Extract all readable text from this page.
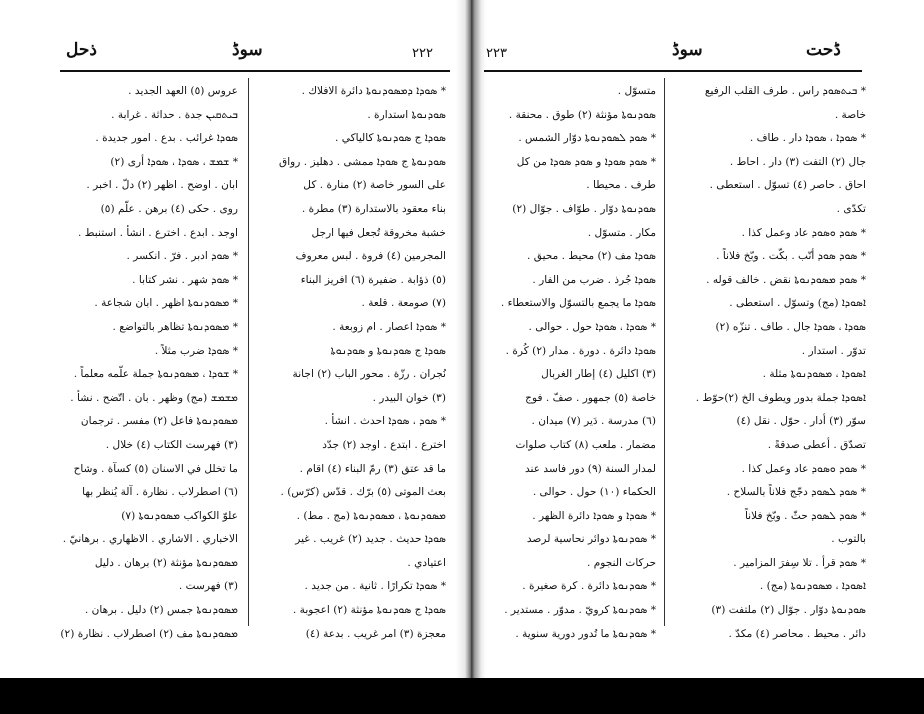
ذحل	سوڈ	٢٢٢
عروس (٥) العهد الجديد .
ܒܝܬܩܝܢ جدة . حداثة . غرابة .
ܣܘܕܐ غرائب . بدع . امور جديدة .
* ܫܡܫ ، ܣܘܕܐ ، ܣܘܕܐ أرى (٢)
ابان . اوضح . اظهر (٢) دلّ . اخبر .
روى . حكى (٤) برهن . علّم (٥)
اوجد . ابدع . اخترع . انشأ . استنبط .
* ܣܘܕ ادبر . فرّ . انكسر .
* ܣܘܕ شهر . نشر كتابا .
* ܡܣܘܕܢܘܬܐ اظهر . ابان شجاعة .
* ܡܣܘܕܢܘܬܐ تظاهر بالتواضع .
* ܣܘܕܐ ضرب مثلاً .
* ܫܘܕܐ ، ܡܣܘܕܢܘܬܐ جملة علّمه معلماً .
ܡܫܡܫ (مج) وظهر . بان . اتّضح . نشأ .
ܡܣܘܕܢܘܬܐ فاعل (٢) مفسر . ترجمان
(٣) فهرست الكتاب (٤) خلال .
ما تخلل في الاسنان (٥) كسآة . وشاح
(٦) اصطرلاب . نظارة . آلة يُنظر بها
علوّ الكواكب ܡܣܘܕܢܘܬܐ (٧)
الاخباري . الاشاري . الاظهاري . برهانيّ .
ܡܣܘܕܢܘܬܐ مؤنثة (٢) برهان . دليل
(٣) فهرست .
ܡܣܘܕܢܘܬܐ جمس (٢) دليل . برهان .
ܡܣܘܕܢܘܬܐ مف (٢) اصطرلاب . نظارة (٢)
* ܣܘܕܐ ܕܡܣܘܕܢܘܬܐ دائرة الافلاك .
ܣܘܕܢܘܬܐ استدارة .
ܣܘܕܐ ج ܣܘܕܢܘܬܐ كالياكي .
ܣܘܕܢܘܬܐ ج ܣܘܕܐ ممشى . دهليز . رواق
على السور خاصة (٢) منارة . كل
بناء معقود بالاستدارة (٣) مطرة .
خشبة مخروقة تُجعل فيها ارجل
المجرمين (٤) فروة . لبس معروف
(٥) ذؤابة . ضفيرة (٦) افريز البناء
(٧) صومعة . قلعة .
* ܣܘܕܐ اعصار . ام زوبعة .
ܣܘܕܐ ج ܣܘܕܢܘܬܐ و ܣܘܕܢܘܬܐ
نُجران . رزّة . محور الباب (٢) اجانة
(٣) خوان البيدر .
* ܣܘܕ ، ܣܘܕܐ احدث . انشأ .
اخترع . ابتدع . اوجد (٢) جدّد
ما قد عتق (٣) رمّ البناء (٤) اقام .
بعث الموتى (٥) برّك . قدّس (كرّس) .
ܡܣܘܕܢܘܬܐ ، ܡܣܘܕܢܘܬܐ (مج . مط) .
ܣܘܕܐ حديث . جديد (٢) غريب . غير
اعتيادي .
* ܣܘܕܐ تكرارًا . ثانية . من جديد .
ܣܘܕܐ ج ܣܘܕܢܘܬܐ مؤنثة (٢) اعجوبة .
معجزة (٣) امر غريب . بدعة (٤)
٢٢٣	سوڈ	ڈحت
متسوّل .
ܣܘܕܢܘܬܐ مؤنثة (٢) طوق . محنقة .
* ܣܘܕ ܠܣܘܕܢܘܬܐ دوّار الشمس .
* ܣܘܕ ܣܘܕܐ و ܣܘܕ ܣܘܕܐ من كل
طرف . محيطا .
ܣܘܕܢܘܬܐ دوّار . طوّاف . جوّال (٢)
مكار . متسوّل .
ܣܘܕܐ مف (٢) محيط . محيق .
ܣܘܕܐ جُرذ . ضرب من الفار .
ܣܘܕܐ ما يجمع بالتسوّل والاستعطاء .
* ܣܘܕܐ ، ܣܘܕܐ حول . حوالى .
ܣܘܕܐ دائرة . دورة . مدار (٢) كُرة .
(٣) اكليل (٤) إطار الغربال
خاصة (٥) جمهور . صفّ . فوج
(٦) مدرسة . دَير (٧) ميدان .
مضمار . ملعب (٨) كتاب صلوات
لمدار السنة (٩) دور فاسد عند
الحكماء (١٠) حول . حوالى .
* ܣܘܕܐ و ܣܘܕܐ دائرة الظهر .
* ܣܘܕܢܘܬܐ دوائر نحاسية لرصد
حركات النجوم .
* ܣܘܕܢܘܬܐ دائرة . كرة صغيرة .
* ܣܘܕܢܘܬܐ كرويّ . مدوّر . مستدير .
* ܣܘܕܢܘܬܐ ما تُدور دورية سنوية .
* ܒܝܬܣܘܕ راس . طرف القلب الرفيع
خاصة .
* ܣܘܕܐ ، ܣܘܕܐ دار . طاف .
جال (٢) التفت (٣) دار . احاط .
احاق . حاصر (٤) تسوّل . استعطى .
تكدّى .
* ܣܘܕ ܘܣܘܕ عاد وعمل كذا .
* ܣܘܕ ܣܘܕ أنّب . بكّت . وبّخ فلاناً .
* ܣܘܕ ܡܣܘܕܢܘܬܐ نقض . خالف قوله .
ܐܣܘܕܐ (مج) وتسوّل . استعطى .
ܣܘܕܐ ، ܣܘܕܐ جال . طاف . تنزّه (٢)
تدوّر . استدار .
ܐܣܘܕܐ ، ܡܣܘܕܢܘܬܐ مثلة .
ܐܣܘܕܐ جملة بدور ويطوف الخ (٢)حوّط .
سوّر (٣) أدار . حوّل . نقل (٤)
تصدّق . أعطى صدقةً .
* ܣܘܕ ܘܣܘܕ عاد وعمل كذا .
* ܣܘܕ ܠܣܘܕ دجّج فلاناً بالسلاح .
* ܣܘܕ ܠܣܘܕ حثّ . وبّخ فلاناً
بالتوب .
* ܣܘܕ قرأ . تلا سِفرَ المزامير .
ܐܣܘܕܐ ، ܡܣܘܕܢܘܬܐ (مج) .
ܣܘܕܢܘܬܐ دوّار . جوّال (٢) ملتفت (٣)
دائر . محيط . محاصر (٤) مكدّ .
